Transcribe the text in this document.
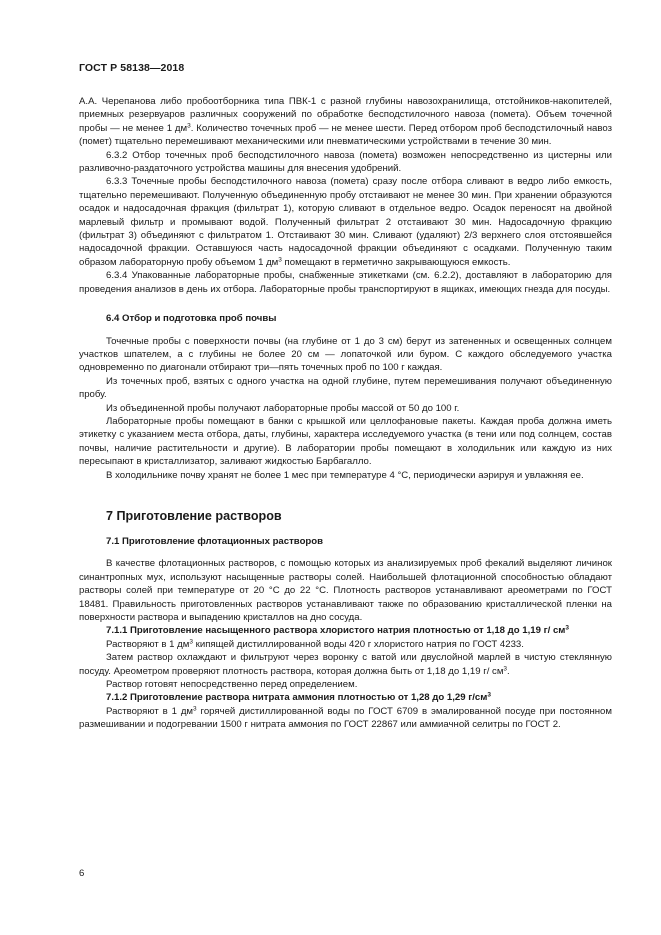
ГОСТ Р 58138—2018

А.А. Черепанова либо пробоотборника типа ПВК-1 с разной глубины навозохранилища, отстойников-накопителей, приемных резервуаров различных сооружений по обработке бесподстилочного навоза (помета). Объем точечной пробы — не менее 1 $дм^3$. Количество точечных проб — не менее шести. Перед отбором проб бесподстилочный навоз (помет) тщательно перемешивают механическими или пневматическими устройствами в течение 30 мин.

6.3.2 Отбор точечных проб бесподстилочного навоза (помета) возможен непосредственно из цистерны или разливочно-раздаточного устройства машины для внесения удобрений.

6.3.3 Точечные пробы бесподстилочного навоза (помета) сразу после отбора сливают в ведро либо емкость, тщательно перемешивают. Полученную объединенную пробу отстаивают не менее 30 мин. При хранении образуются осадок и надосадочная фракция (фильтрат 1), которую сливают в отдельное ведро. Осадок переносят на двойной марлевый фильтр и промывают водой. Полученный фильтрат 2 отстаивают 30 мин. Надосадочную фракцию (фильтрат 3) объединяют с фильтратом 1. Отстаивают 30 мин. Сливают (удаляют) 2/3 верхнего слоя отстоявшейся надосадочной фракции. Оставшуюся часть надосадочной фракции объединяют с осадками. Полученную таким образом лабораторную пробу объемом 1 $дм^3$ помещают в герметично закрывающуюся емкость.

6.3.4 Упакованные лабораторные пробы, снабженные этикетками (см. 6.2.2), доставляют в лабораторию для проведения анализов в день их отбора. Лабораторные пробы транспортируют в ящиках, имеющих гнезда для посуды.

6.4 Отбор и подготовка проб почвы

Точечные пробы с поверхности почвы (на глубине от 1 до 3 см) берут из затененных и освещенных солнцем участков шпателем, а с глубины не более 20 см — лопаточкой или буром. С каждого обследуемого участка одновременно по диагонали отбирают три—пять точечных проб по 100 г каждая.

Из точечных проб, взятых с одного участка на одной глубине, путем перемешивания получают объединенную пробу.

Из объединенной пробы получают лабораторные пробы массой от 50 до 100 г.

Лабораторные пробы помещают в банки с крышкой или целлофановые пакеты. Каждая проба должна иметь этикетку с указанием места отбора, даты, глубины, характера исследуемого участка (в тени или под солнцем, состав почвы, наличие растительности и другие). В лаборатории пробы помещают в холодильник или каждую из них пересыпают в кристаллизатор, заливают жидкостью Барбагалло.

В холодильнике почву хранят не более 1 мес при температуре 4 °С, периодически аэрируя и увлажняя ее.

7 Приготовление растворов

7.1 Приготовление флотационных растворов

В качестве флотационных растворов, с помощью которых из анализируемых проб фекалий выделяют личинок синантропных мух, используют насыщенные растворы солей. Наибольшей флотационной способностью обладают растворы солей при температуре от 20 °С до 22 °С. Плотность растворов устанавливают ареометрами по ГОСТ 18481. Правильность приготовленных растворов устанавливают также по образованию кристаллической пленки на поверхности раствора и выпадению кристаллов на дно сосуда.

7.1.1 Приготовление насыщенного раствора хлористого натрия плотностью от 1,18 до 1,19 г/ $см^3$

Растворяют в 1 $дм^3$ кипящей дистиллированной воды 420 г хлористого натрия по ГОСТ 4233.

Затем раствор охлаждают и фильтруют через воронку с ватой или двуслойной марлей в чистую стеклянную посуду. Ареометром проверяют плотность раствора, которая должна быть от 1,18 до 1,19 г/ $см^3$.

Раствор готовят непосредственно перед определением.

7.1.2 Приготовление раствора нитрата аммония плотностью от 1,28 до 1,29 $г/см^3$

Растворяют в 1 $дм^3$ горячей дистиллированной воды по ГОСТ 6709 в эмалированной посуде при постоянном размешивании и подогревании 1500 г нитрата аммония по ГОСТ 22867 или аммиачной селитры по ГОСТ 2.

6
